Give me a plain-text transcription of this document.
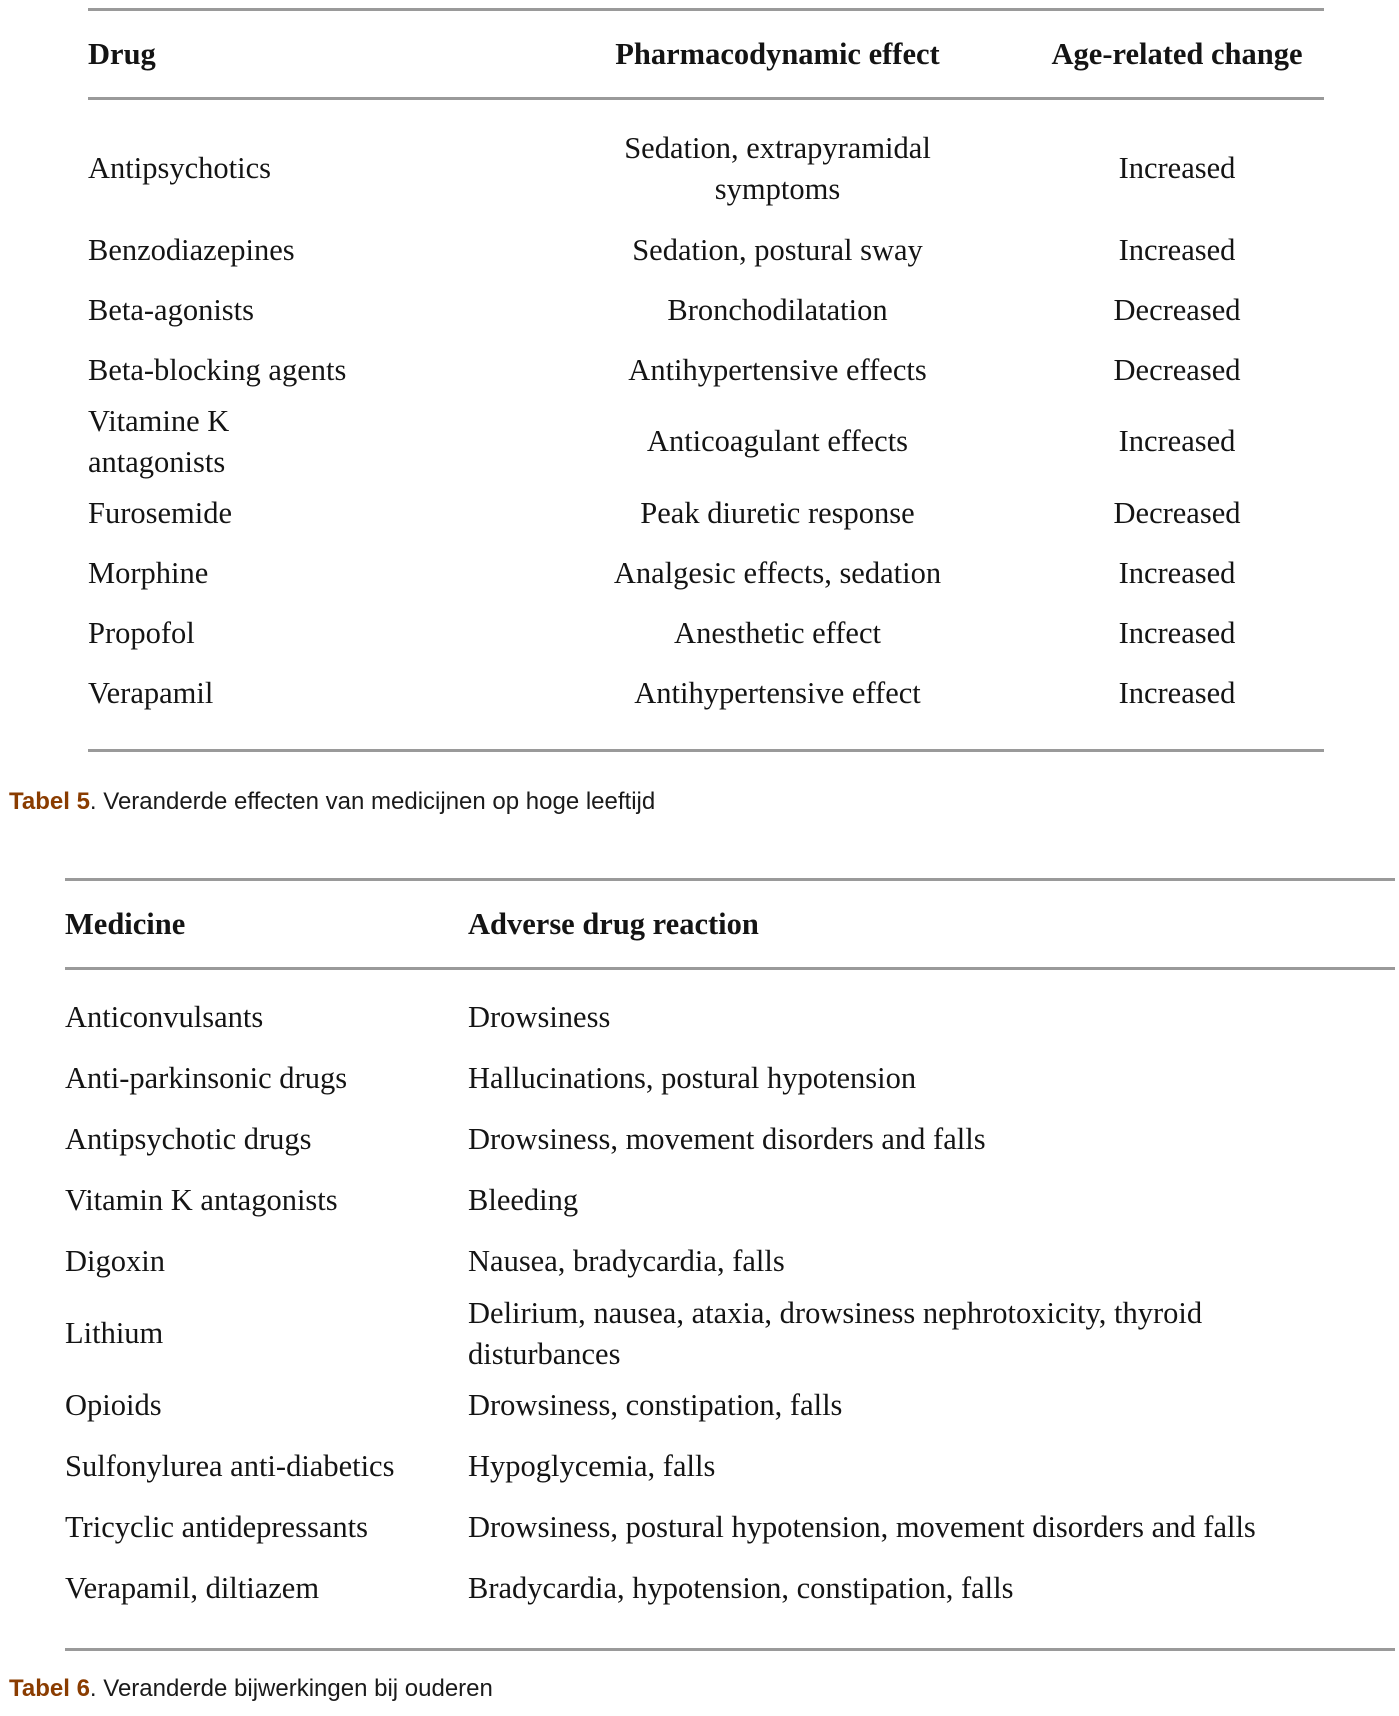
Drug	Pharmacodynamic effect	Age-related change
Antipsychotics	Sedation, extrapyramidal symptoms	Increased
Benzodiazepines	Sedation, postural sway	Increased
Beta-agonists	Bronchodilatation	Decreased
Beta-blocking agents	Antihypertensive effects	Decreased

Vitamine K antagonists	Anticoagulant effects	Increased
Furosemide	Peak diuretic response	Decreased
Morphine	Analgesic effects, sedation	Increased
Propofol	Anesthetic effect	Increased
Verapamil	Antihypertensive effect	Increased
Tabel 5. Veranderde effecten van medicijnen op hoge leeftijd
Medicine	Adverse drug reaction
Anticonvulsants	Drowsiness
Anti-parkinsonic drugs	Hallucinations, postural hypotension
Antipsychotic drugs	Drowsiness, movement disorders and falls
Vitamin K antagonists	Bleeding
Digoxin	Nausea, bradycardia, falls
Lithium	Delirium, nausea, ataxia, drowsiness nephrotoxicity, thyroid disturbances

Opioids	Drowsiness, constipation, falls
Sulfonylurea anti-diabetics	Hypoglycemia, falls
Tricyclic antidepressants	Drowsiness, postural hypotension, movement disorders and falls
Verapamil, diltiazem	Bradycardia, hypotension, constipation, falls
Tabel 6. Veranderde bijwerkingen bij ouderen
